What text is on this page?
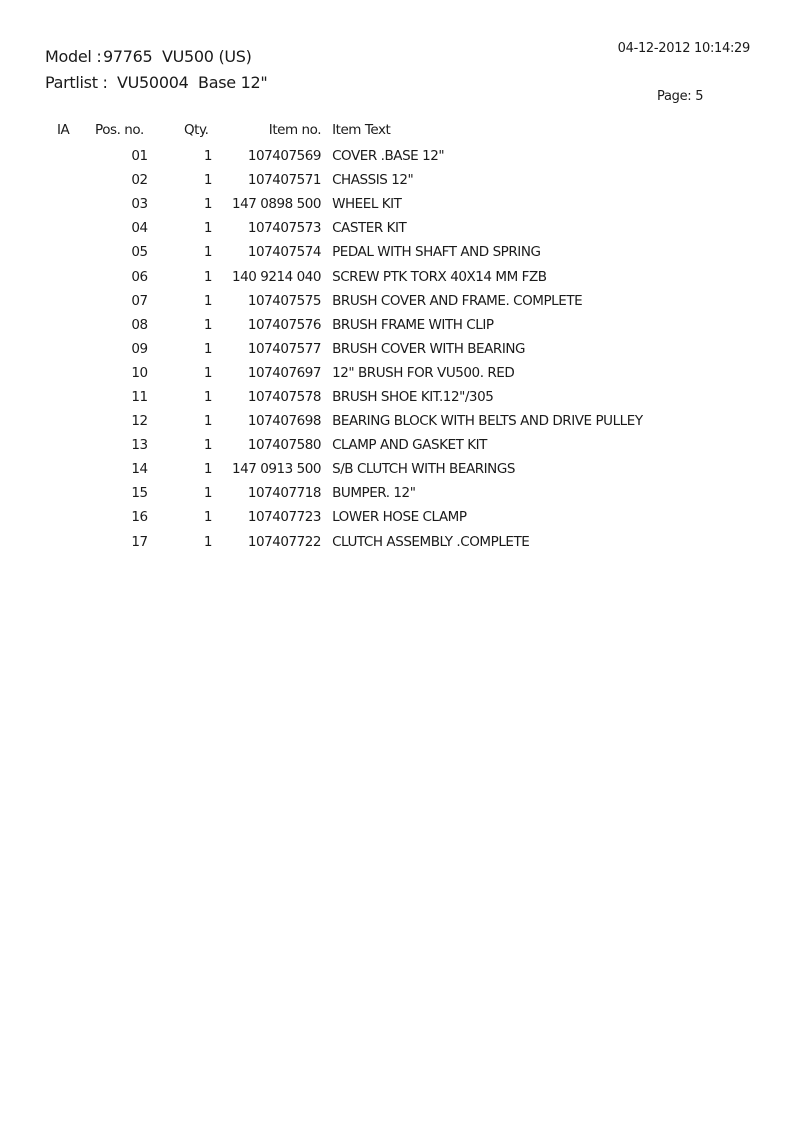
Model :97765  VU500 (US)
Partlist : VU50004  Base 12"
04-12-2012 10:14:29
Page: 5
IA	Pos. no.	Qty.	Item no.	Item Text
	01	1	107407569	COVER .BASE 12"
	02	1	107407571	CHASSIS 12"
	03	1	147 0898 500	WHEEL KIT
	04	1	107407573	CASTER KIT
	05	1	107407574	PEDAL WITH SHAFT AND SPRING
	06	1	140 9214 040	SCREW PTK TORX 40X14 MM FZB
	07	1	107407575	BRUSH COVER AND FRAME. COMPLETE
	08	1	107407576	BRUSH FRAME WITH CLIP
	09	1	107407577	BRUSH COVER WITH BEARING
	10	1	107407697	12" BRUSH FOR VU500. RED
	11	1	107407578	BRUSH SHOE KIT.12"/305
	12	1	107407698	BEARING BLOCK WITH BELTS AND DRIVE PULLEY
	13	1	107407580	CLAMP AND GASKET KIT
	14	1	147 0913 500	S/B CLUTCH WITH BEARINGS
	15	1	107407718	BUMPER. 12"
	16	1	107407723	LOWER HOSE CLAMP
	17	1	107407722	CLUTCH ASSEMBLY .COMPLETE
